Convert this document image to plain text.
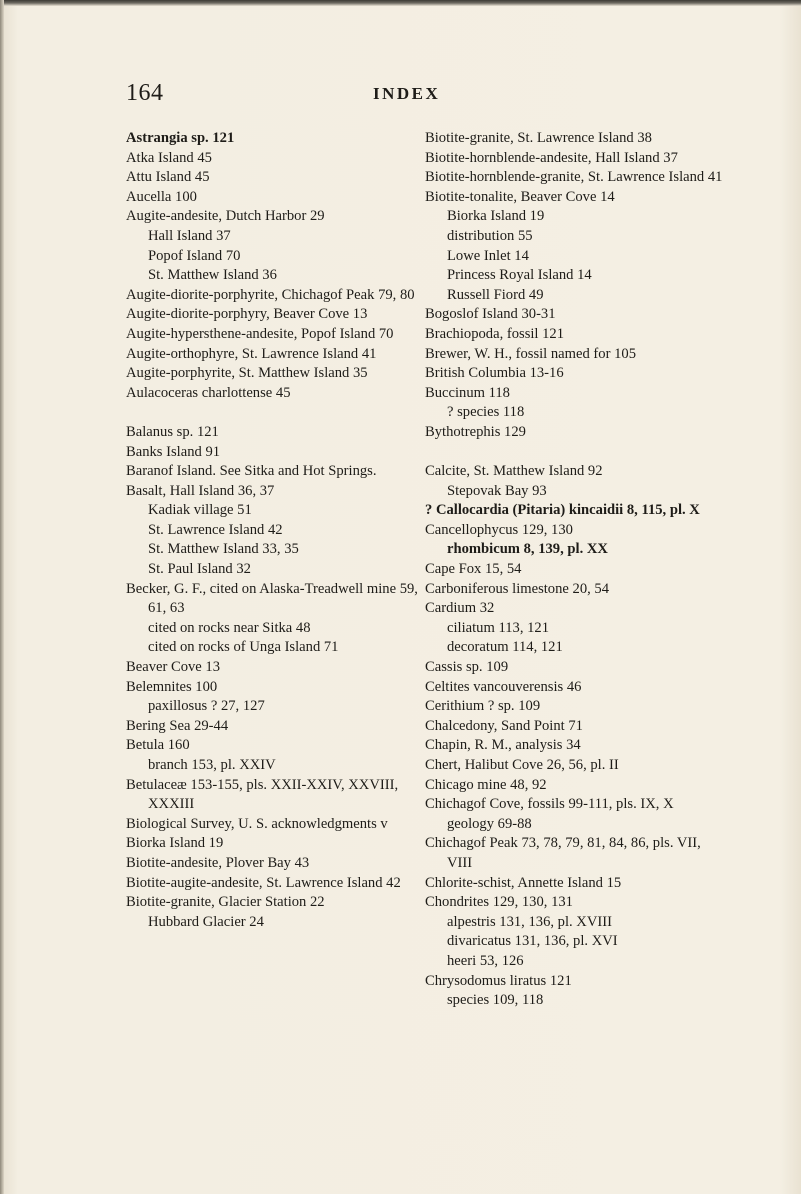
164	INDEX

Astrangia sp. 121

Atka Island 45

Attu Island 45

Aucella 100

Augite-andesite, Dutch Harbor 29

Hall Island 37

Popof Island 70

St. Matthew Island 36

Augite-diorite-porphyrite, Chichagof Peak 79, 80

Augite-diorite-porphyry, Beaver Cove 13

Augite-hypersthene-andesite, Popof Island 70

Augite-orthophyre, St. Lawrence Island 41

Augite-porphyrite, St. Matthew Island 35

Aulacoceras charlottense 45

Balanus sp. 121

Banks Island 91

Baranof Island. See Sitka and Hot Springs.

Basalt, Hall Island 36, 37

Kadiak village 51

St. Lawrence Island 42

St. Matthew Island 33, 35

St. Paul Island 32

Becker, G. F., cited on Alaska-Treadwell mine 59, 61, 63

cited on rocks near Sitka 48

cited on rocks of Unga Island 71

Beaver Cove 13

Belemnites 100

paxillosus ? 27, 127

Bering Sea 29-44

Betula 160

branch 153, pl. XXIV

Betulaceæ 153-155, pls. XXII-XXIV, XXVIII, XXXIII

Biological Survey, U. S. acknowledgments v

Biorka Island 19

Biotite-andesite, Plover Bay 43

Biotite-augite-andesite, St. Lawrence Island 42

Biotite-granite, Glacier Station 22

Hubbard Glacier 24

Biotite-granite, St. Lawrence Island 38

Biotite-hornblende-andesite, Hall Island 37

Biotite-hornblende-granite, St. Lawrence Island 41

Biotite-tonalite, Beaver Cove 14

Biorka Island 19

distribution 55

Lowe Inlet 14

Princess Royal Island 14

Russell Fiord 49

Bogoslof Island 30-31

Brachiopoda, fossil 121

Brewer, W. H., fossil named for 105

British Columbia 13-16

Buccinum 118

? species 118

Bythotrephis 129

Calcite, St. Matthew Island 92

Stepovak Bay 93

? Callocardia (Pitaria) kincaidii 8, 115, pl. X

Cancellophycus 129, 130

rhombicum 8, 139, pl. XX

Cape Fox 15, 54

Carboniferous limestone 20, 54

Cardium 32

ciliatum 113, 121

decoratum 114, 121

Cassis sp. 109

Celtites vancouverensis 46

Cerithium ? sp. 109

Chalcedony, Sand Point 71

Chapin, R. M., analysis 34

Chert, Halibut Cove 26, 56, pl. II

Chicago mine 48, 92

Chichagof Cove, fossils 99-111, pls. IX, X

geology 69-88

Chichagof Peak 73, 78, 79, 81, 84, 86, pls. VII, VIII

Chlorite-schist, Annette Island 15

Chondrites 129, 130, 131

alpestris 131, 136, pl. XVIII

divaricatus 131, 136, pl. XVI

heeri 53, 126

Chrysodomus liratus 121

species 109, 118
